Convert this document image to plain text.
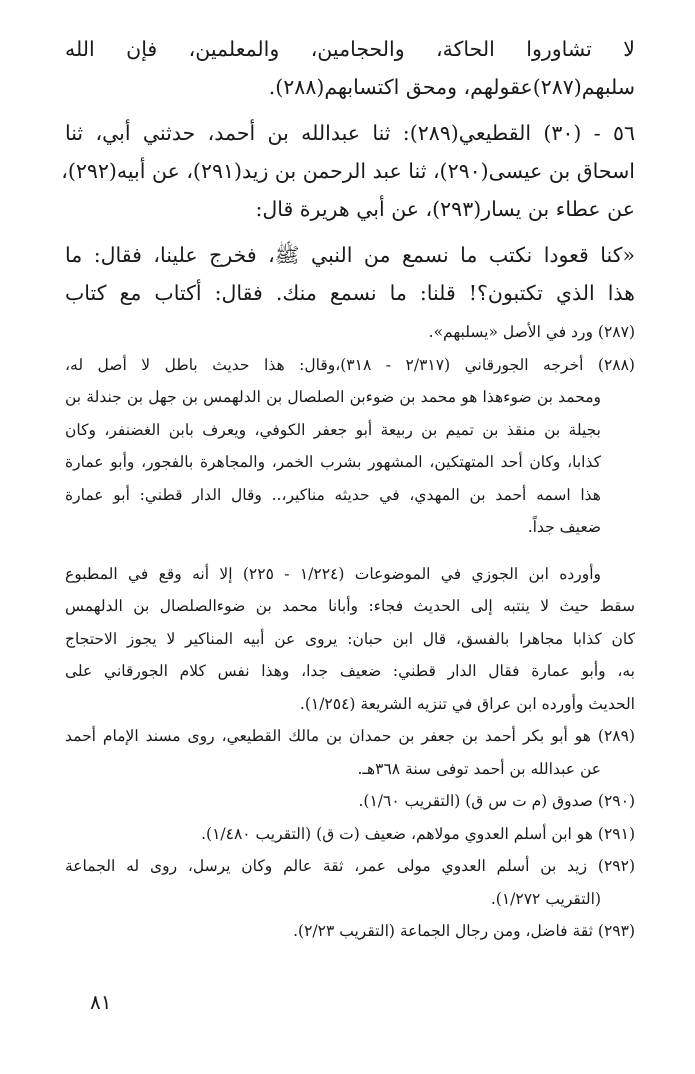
لا تشاوروا الحاكة، والحجامين، والمعلمين، فإن الله
سلبهم(٢٨٧)عقولهم، ومحق اكتسابهم(٢٨٨).
٥٦ - (٣٠) القطيعي(٢٨٩): ثنا عبدالله بن أحمد، حدثني أبي، ثنا
اسحاق بن عيسى(٢٩٠)، ثنا عبد الرحمن بن زيد(٢٩١)، عن أبيه(٢٩٢)،
عن عطاء بن يسار(٢٩٣)، عن أبي هريرة قال:
«كنا قعودا نكتب ما نسمع من النبي ﷺ، فخرج علينا، فقال: ما
هذا الذي تكتبون؟! قلنا: ما نسمع منك. فقال: أكتاب مع كتاب
(٢٨٧) ورد في الأصل «يسلبهم».
(٢٨٨) أخرجه الجورقاني (٢/٣١٧ - ٣١٨)،وقال: هذا حديث باطل لا أصل له،
ومحمد بن ضوءهذا هو محمد بن ضوءبن الصلصال بن الدلهمس بن جهل بن جندلة بن
بجيلة بن منقذ بن تميم بن ربيعة أبو جعفر الكوفي، ويعرف بابن الغضنفر، وكان
كذابا، وكان أحد المتهتكين، المشهور بشرب الخمر، والمجاهرة بالفجور، وأبو عمارة
هذا اسمه أحمد بن المهدي، في حديثه مناكير،.. وقال الدار قطني: أبو عمارة
ضعيف جداً.
وأورده ابن الجوزي في الموضوعات (١/٢٢٤ - ٢٢٥) إلا أنه وقع في المطبوع
سقط حيث لا ينتبه إلى الحديث فجاء: وأبانا محمد بن ضوءالصلصال بن الدلهمس
كان كذابا مجاهرا بالفسق، قال ابن حبان: يروى عن أبيه المناكير لا يجوز الاحتجاج
به، وأبو عمارة فقال الدار قطني: ضعيف جدا، وهذا نفس كلام الجورقاني على
الحديث وأورده ابن عراق في تنزيه الشريعة (١/٢٥٤).
(٢٨٩) هو أبو بكر أحمد بن جعفر بن حمدان بن مالك القطيعي، روى مسند الإمام أحمد
عن عبدالله بن أحمد توفى سنة ٣٦٨هـ.
(٢٩٠) صدوق (م ت س ق) (التقريب ١/٦٠).
(٢٩١) هو ابن أسلم العدوي مولاهم، ضعيف (ت ق) (التقريب ١/٤٨٠).
(٢٩٢) زيد بن أسلم العدوي مولى عمر، ثقة عالم وكان يرسل، روى له الجماعة
(التقريب ١/٢٧٢).
(٢٩٣) ثقة فاضل، ومن رجال الجماعة (التقريب ٢/٢٣).
٨١
